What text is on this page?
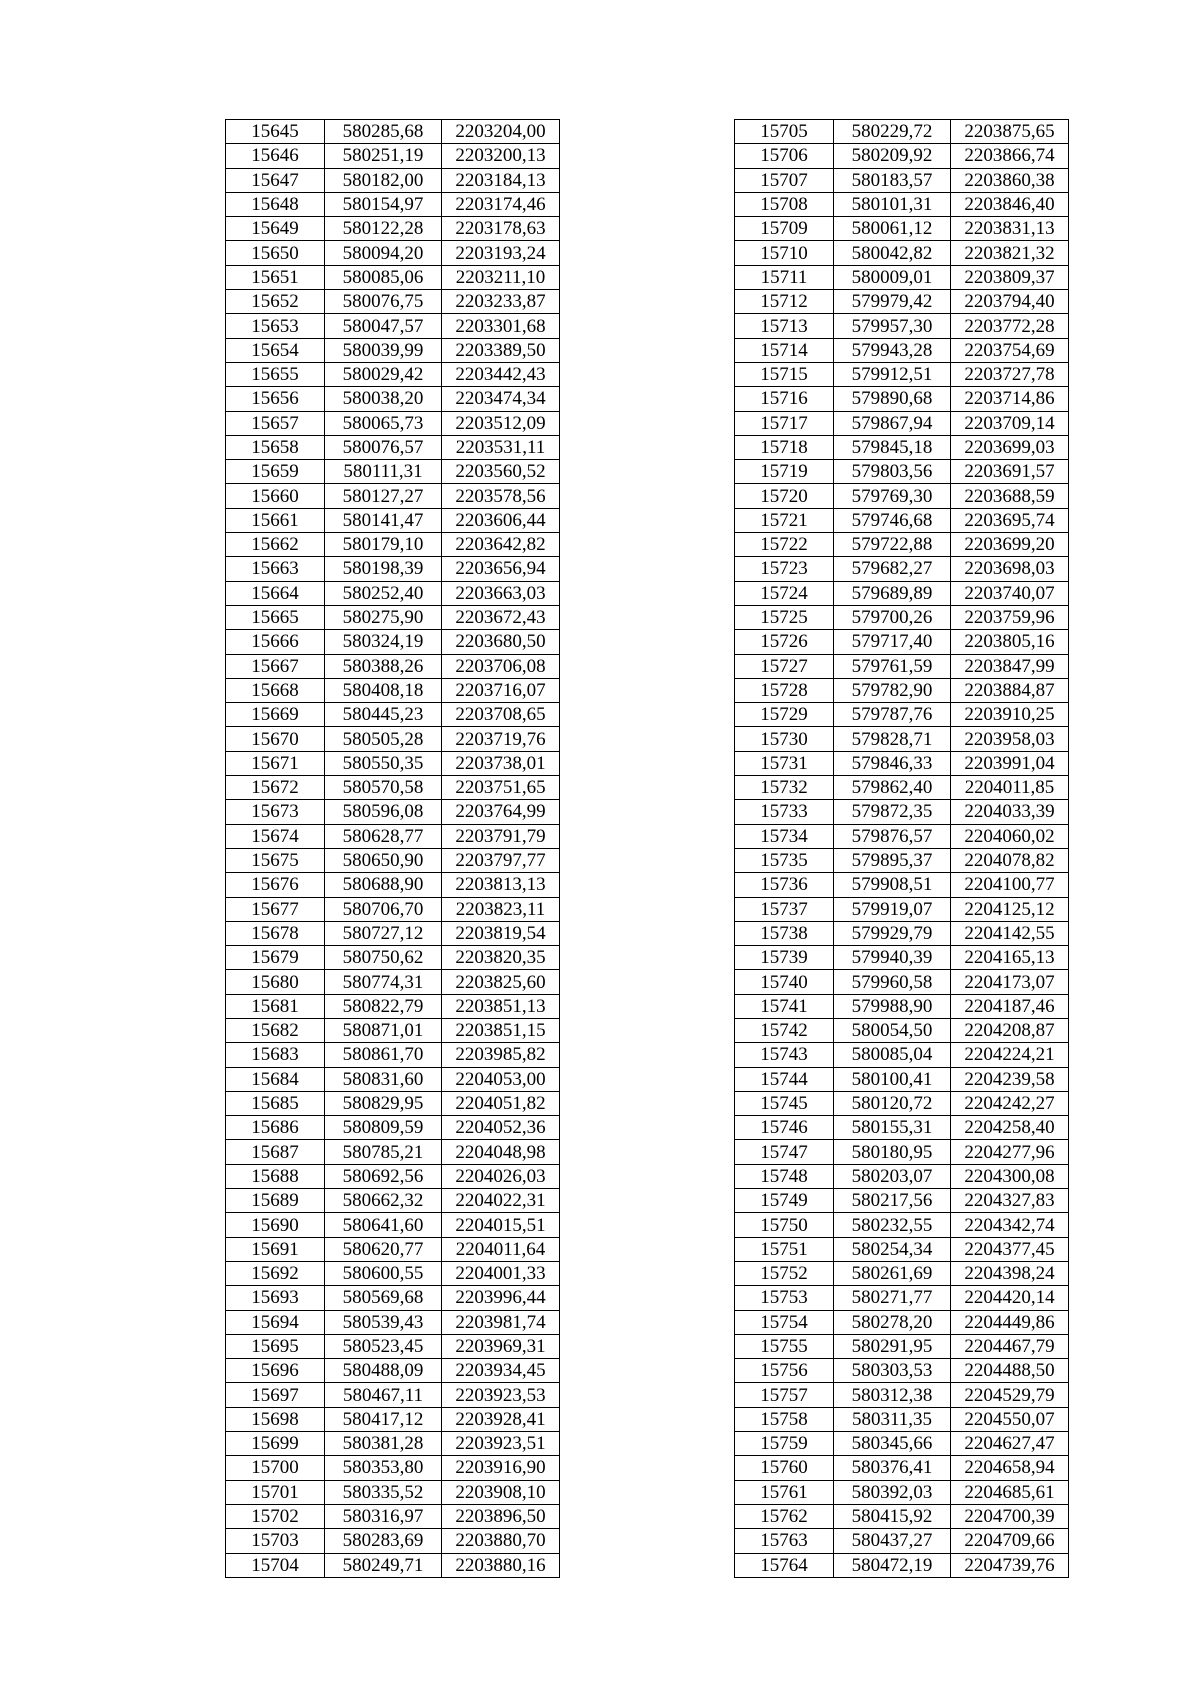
15645	580285,68	2203204,00
15646	580251,19	2203200,13
15647	580182,00	2203184,13
15648	580154,97	2203174,46
15649	580122,28	2203178,63
15650	580094,20	2203193,24
15651	580085,06	2203211,10
15652	580076,75	2203233,87
15653	580047,57	2203301,68
15654	580039,99	2203389,50
15655	580029,42	2203442,43
15656	580038,20	2203474,34
15657	580065,73	2203512,09
15658	580076,57	2203531,11
15659	580111,31	2203560,52
15660	580127,27	2203578,56
15661	580141,47	2203606,44
15662	580179,10	2203642,82
15663	580198,39	2203656,94
15664	580252,40	2203663,03
15665	580275,90	2203672,43
15666	580324,19	2203680,50
15667	580388,26	2203706,08
15668	580408,18	2203716,07
15669	580445,23	2203708,65
15670	580505,28	2203719,76
15671	580550,35	2203738,01
15672	580570,58	2203751,65
15673	580596,08	2203764,99
15674	580628,77	2203791,79
15675	580650,90	2203797,77
15676	580688,90	2203813,13
15677	580706,70	2203823,11
15678	580727,12	2203819,54
15679	580750,62	2203820,35
15680	580774,31	2203825,60
15681	580822,79	2203851,13
15682	580871,01	2203851,15
15683	580861,70	2203985,82
15684	580831,60	2204053,00
15685	580829,95	2204051,82
15686	580809,59	2204052,36
15687	580785,21	2204048,98
15688	580692,56	2204026,03
15689	580662,32	2204022,31
15690	580641,60	2204015,51
15691	580620,77	2204011,64
15692	580600,55	2204001,33
15693	580569,68	2203996,44
15694	580539,43	2203981,74
15695	580523,45	2203969,31
15696	580488,09	2203934,45
15697	580467,11	2203923,53
15698	580417,12	2203928,41
15699	580381,28	2203923,51
15700	580353,80	2203916,90
15701	580335,52	2203908,10
15702	580316,97	2203896,50
15703	580283,69	2203880,70
15704	580249,71	2203880,16
15705	580229,72	2203875,65
15706	580209,92	2203866,74
15707	580183,57	2203860,38
15708	580101,31	2203846,40
15709	580061,12	2203831,13
15710	580042,82	2203821,32
15711	580009,01	2203809,37
15712	579979,42	2203794,40
15713	579957,30	2203772,28
15714	579943,28	2203754,69
15715	579912,51	2203727,78
15716	579890,68	2203714,86
15717	579867,94	2203709,14
15718	579845,18	2203699,03
15719	579803,56	2203691,57
15720	579769,30	2203688,59
15721	579746,68	2203695,74
15722	579722,88	2203699,20
15723	579682,27	2203698,03
15724	579689,89	2203740,07
15725	579700,26	2203759,96
15726	579717,40	2203805,16
15727	579761,59	2203847,99
15728	579782,90	2203884,87
15729	579787,76	2203910,25
15730	579828,71	2203958,03
15731	579846,33	2203991,04
15732	579862,40	2204011,85
15733	579872,35	2204033,39
15734	579876,57	2204060,02
15735	579895,37	2204078,82
15736	579908,51	2204100,77
15737	579919,07	2204125,12
15738	579929,79	2204142,55
15739	579940,39	2204165,13
15740	579960,58	2204173,07
15741	579988,90	2204187,46
15742	580054,50	2204208,87
15743	580085,04	2204224,21
15744	580100,41	2204239,58
15745	580120,72	2204242,27
15746	580155,31	2204258,40
15747	580180,95	2204277,96
15748	580203,07	2204300,08
15749	580217,56	2204327,83
15750	580232,55	2204342,74
15751	580254,34	2204377,45
15752	580261,69	2204398,24
15753	580271,77	2204420,14
15754	580278,20	2204449,86
15755	580291,95	2204467,79
15756	580303,53	2204488,50
15757	580312,38	2204529,79
15758	580311,35	2204550,07
15759	580345,66	2204627,47
15760	580376,41	2204658,94
15761	580392,03	2204685,61
15762	580415,92	2204700,39
15763	580437,27	2204709,66
15764	580472,19	2204739,76
